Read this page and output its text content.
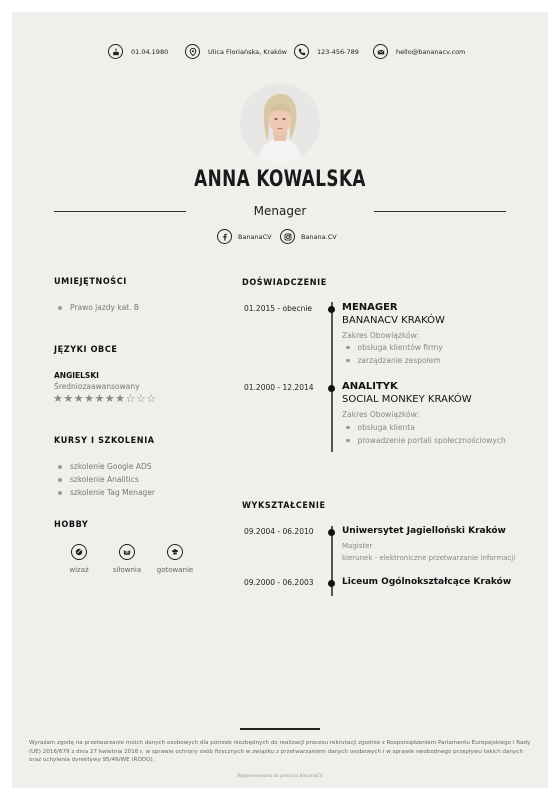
01.04.1980	Ulica Floriańska, Kraków	123-456-789	hello@bananacv.com
ANNA KOWALSKA
Menager
BananaCV	Banana.CV
UMIEJĘTNOŚCI
Prawo jazdy kat. B
JĘZYKI OBCE
ANGIELSKI
Średniozaawansowany
★★★★★★★☆☆☆
KURSY I SZKOLENIA
szkolenie Google ADS
szkolenie Analitics
szkolenie Tag Menager
HOBBY
wizaż	siłownia	gotowanie
DOŚWIADCZENIE
01.2015 - obecnie	MENAGER
BANANACV KRAKÓW
Zakres Obowiązków:
obsługa klientów firmy
zarządzanie zespołem
01.2000 - 12.2014	ANALITYK
SOCIAL MONKEY KRAKÓW
Zakres Obowiązków:
obsługa klienta
prowadzenie portali społecznościowych
WYKSZTAŁCENIE
09.2004 - 06.2010	Uniwersytet Jagielloński Kraków
Magister
kierunek - elektroniczne przetwarzanie informacji
09.2000 - 06.2003	Liceum Ogólnokształcące Kraków
Wyrażam zgodę na przetwarzanie moich danych osobowych dla potrzeb niezbędnych do realizacji procesu rekrutacji zgodnie z Rozporządzeniem Parlamentu Europejskiego i Rady (UE) 2016/679 z dnia 27 kwietnia 2016 r. w sprawie ochrony osób fizycznych w związku z przetwarzaniem danych osobowych i w sprawie swobodnego przepływu takich danych oraz uchylenia dyrektywy 95/46/WE (RODO).
Wygenerowano za pomocą BananaCV
